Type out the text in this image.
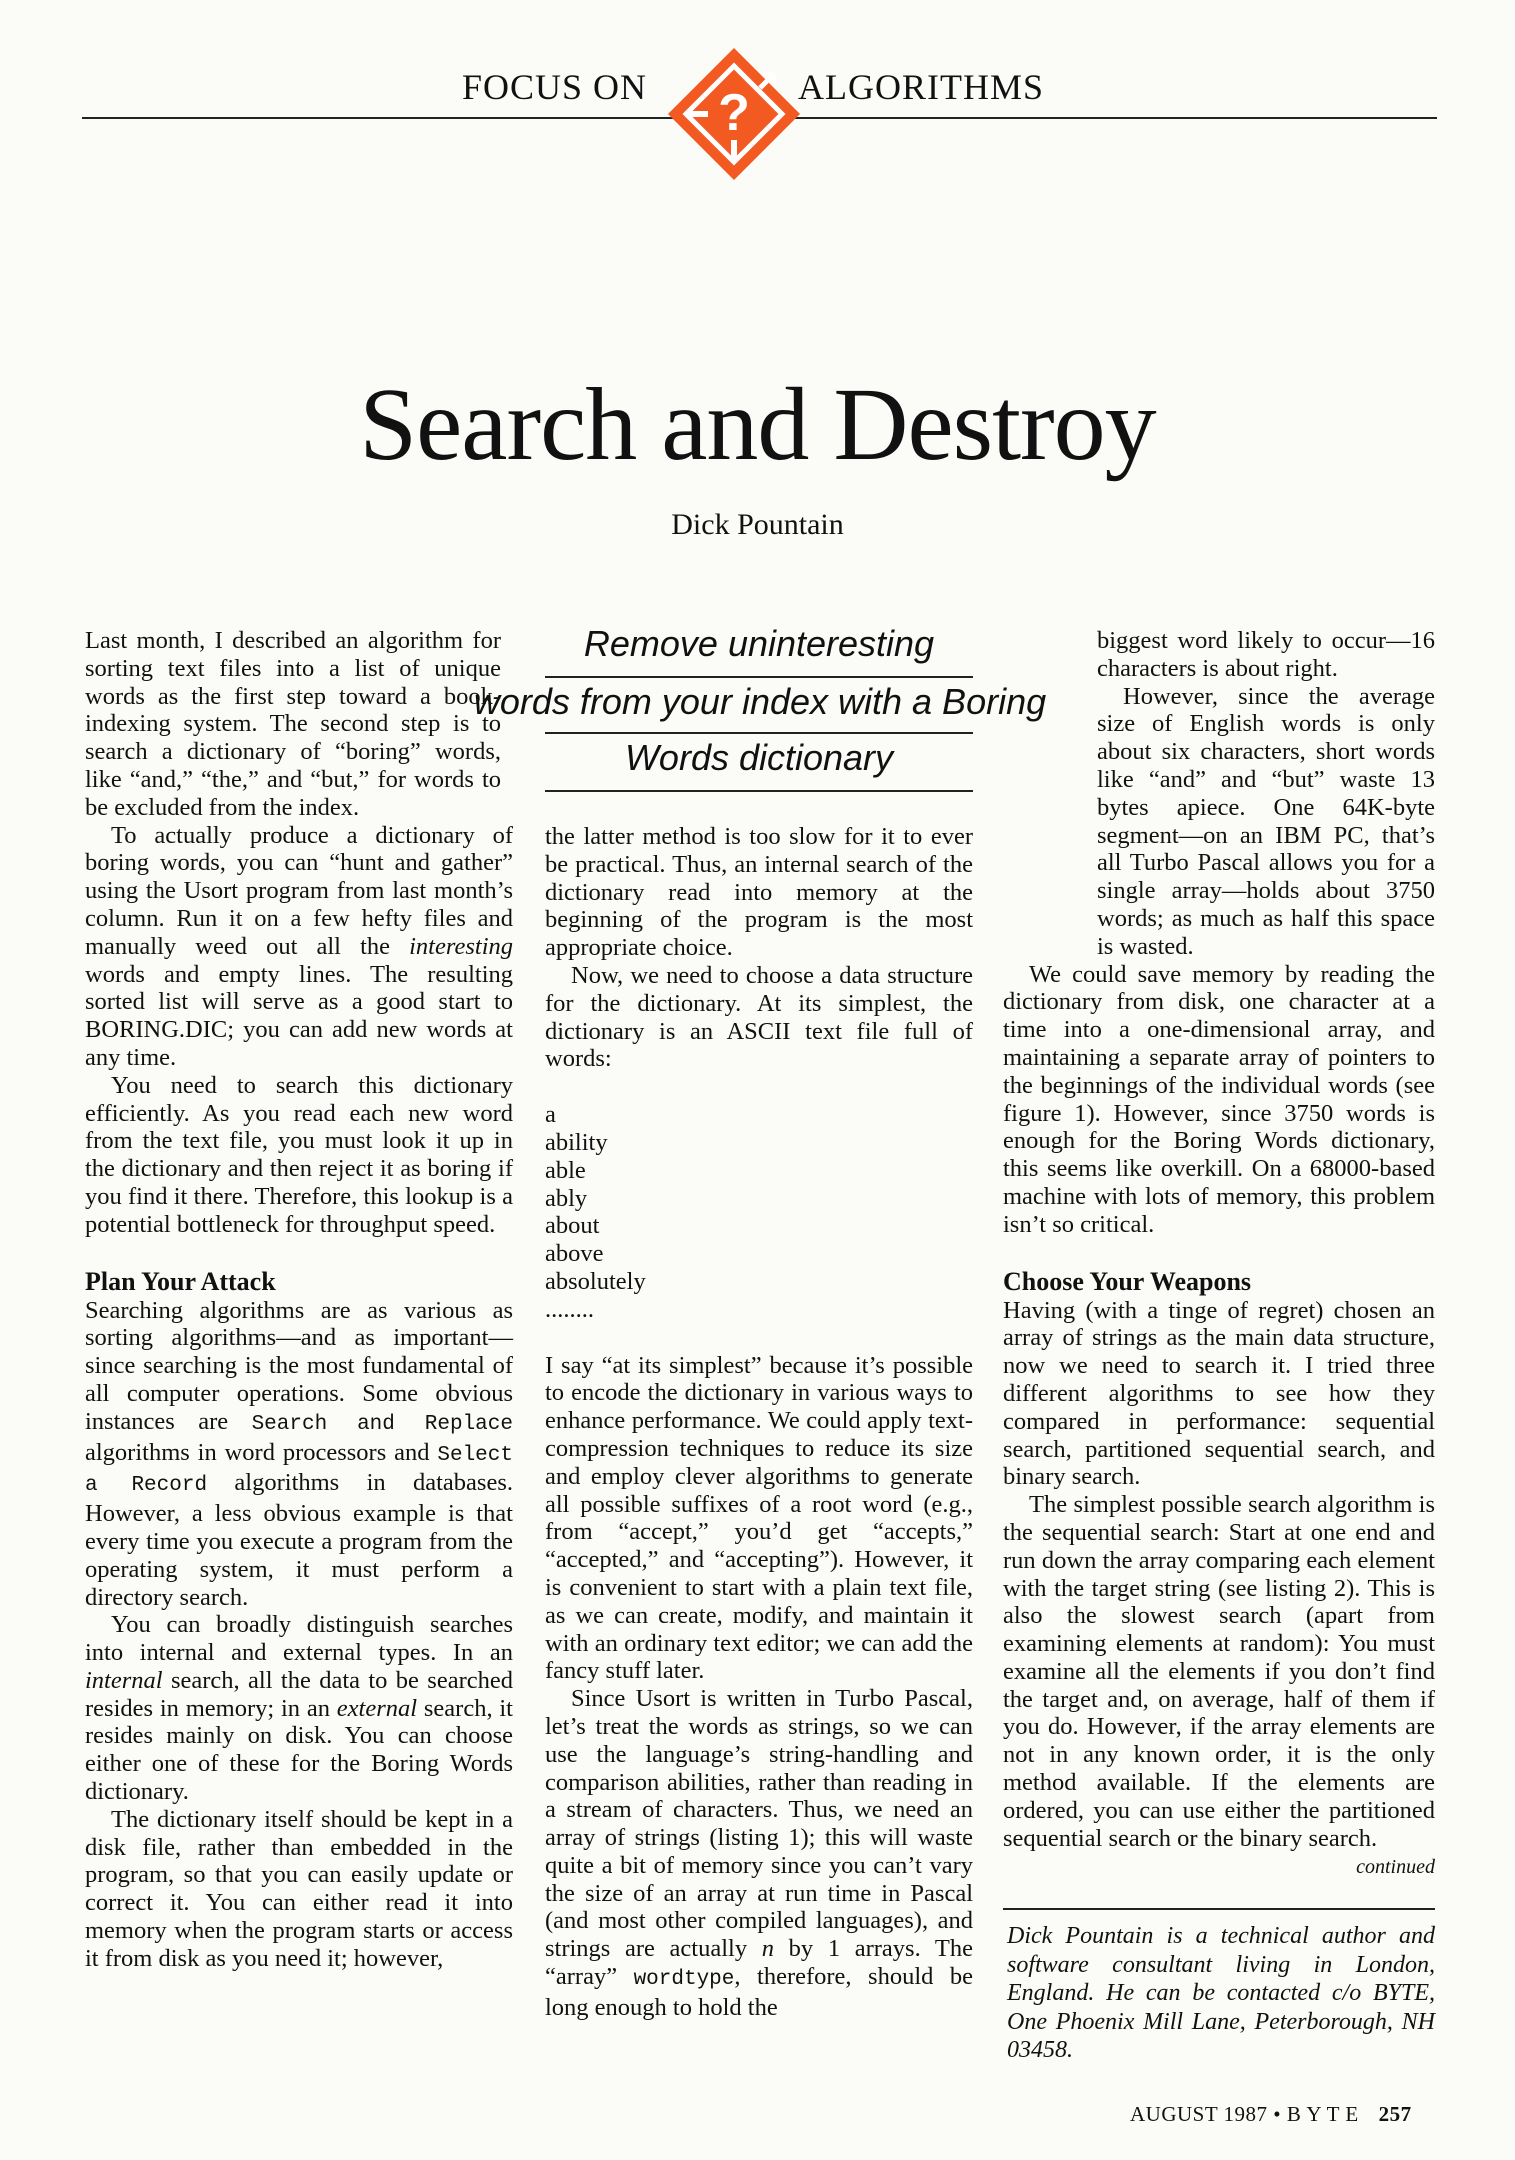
FOCUS ON	ALGORITHMS
?
Search and Destroy
Dick Pountain
Remove uninteresting
words from your index with a Boring
Words dictionary

Last month, I described an algorithm for sorting text files into a list of unique words as the first step toward a book-indexing system. The second step is to search a dictionary of “boring” words, like “and,” “the,” and “but,” for words to be excluded from the index.

To actually produce a dictionary of boring words, you can “hunt and gather” using the Usort program from last month’s column. Run it on a few hefty files and manually weed out all the interesting words and empty lines. The resulting sorted list will serve as a good start to BORING.DIC; you can add new words at any time.

You need to search this dictionary efficiently. As you read each new word from the text file, you must look it up in the dictionary and then reject it as boring if you find it there. Therefore, this lookup is a potential bottleneck for throughput speed.

Plan Your Attack

Searching algorithms are as various as sorting algorithms—and as important—since searching is the most fundamental of all computer operations. Some obvious instances are Search and Replace algorithms in word processors and Select a Record algorithms in databases. However, a less obvious example is that every time you execute a program from the operating system, it must perform a directory search.

You can broadly distinguish searches into internal and external types. In an internal search, all the data to be searched resides in memory; in an external search, it resides mainly on disk. You can choose either one of these for the Boring Words dictionary.

The dictionary itself should be kept in a disk file, rather than embedded in the program, so that you can easily update or correct it. You can either read it into memory when the program starts or access it from disk as you need it; however,

the latter method is too slow for it to ever be practical. Thus, an internal search of the dictionary read into memory at the beginning of the program is the most appropriate choice.

Now, we need to choose a data structure for the dictionary. At its simplest, the dictionary is an ASCII text file full of words:

a
ability
able
ably
about
above
absolutely
........

I say “at its simplest” because it’s possible to encode the dictionary in various ways to enhance performance. We could apply text-compression techniques to reduce its size and employ clever algorithms to generate all possible suffixes of a root word (e.g., from “accept,” you’d get “accepts,” “accepted,” and “accepting”). However, it is convenient to start with a plain text file, as we can create, modify, and maintain it with an ordinary text editor; we can add the fancy stuff later.

Since Usort is written in Turbo Pascal, let’s treat the words as strings, so we can use the language’s string-handling and comparison abilities, rather than reading in a stream of characters. Thus, we need an array of strings (listing 1); this will waste quite a bit of memory since you can’t vary the size of an array at run time in Pascal (and most other compiled languages), and strings are actually n by 1 arrays. The “array” wordtype, therefore, should be long enough to hold the

biggest word likely to occur—16 characters is about right.

However, since the average size of English words is only about six characters, short words like “and” and “but” waste 13 bytes apiece. One 64K-byte segment—on an IBM PC, that’s all Turbo Pascal allows you for a single array—holds about 3750 words; as much as half this space is wasted.

We could save memory by reading the dictionary from disk, one character at a time into a one-dimensional array, and maintaining a separate array of pointers to the beginnings of the individual words (see figure 1). However, since 3750 words is enough for the Boring Words dictionary, this seems like overkill. On a 68000-based machine with lots of memory, this problem isn’t so critical.

Choose Your Weapons

Having (with a tinge of regret) chosen an array of strings as the main data structure, now we need to search it. I tried three different algorithms to see how they compared in performance: sequential search, partitioned sequential search, and binary search.

The simplest possible search algorithm is the sequential search: Start at one end and run down the array comparing each element with the target string (see listing 2). This is also the slowest search (apart from examining elements at random): You must examine all the elements if you don’t find the target and, on average, half of them if you do. However, if the array elements are not in any known order, it is the only method available. If the elements are ordered, you can use either the partitioned sequential search or the binary search.

continued
Dick Pountain is a technical author and software consultant living in London, England. He can be contacted c/o BYTE, One Phoenix Mill Lane, Peterborough, NH 03458.
AUGUST 1987 • B Y T E 257
